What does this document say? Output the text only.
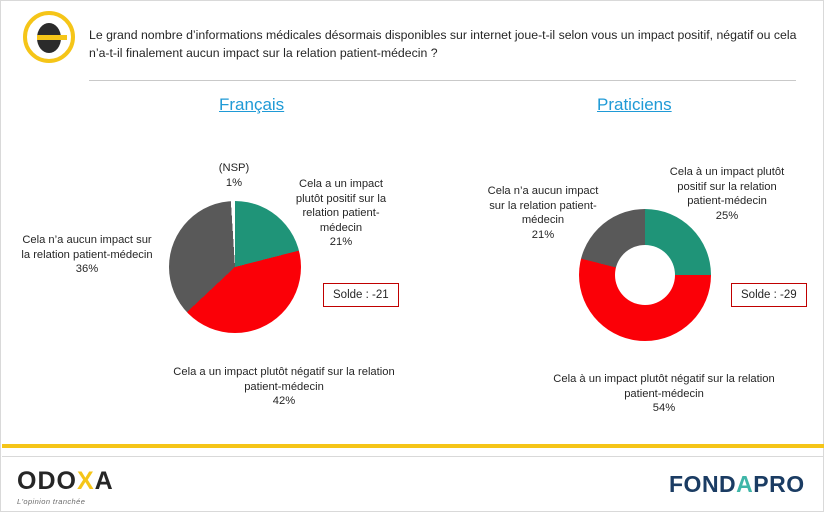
Le grand nombre d’informations médicales désormais disponibles sur internet joue-t-il selon vous un impact positif, négatif ou cela n’a-t-il finalement aucun impact sur la relation patient-médecin ?
Français	Praticiens
(NSP)
1%
Cela n’a aucun impact sur la relation patient-médecin
36%
Cela a un impact plutôt positif sur la relation patient-médecin
21%
Cela a un impact plutôt négatif sur la relation patient-médecin
42%
Solde : -21
Cela n’a aucun impact sur la relation patient-médecin
21%
Cela à un impact plutôt positif sur la relation patient-médecin
25%
Cela à un impact plutôt négatif sur la relation patient-médecin
54%
Solde : -29
ODOXA
L'opinion tranchée
FONDAPRO
